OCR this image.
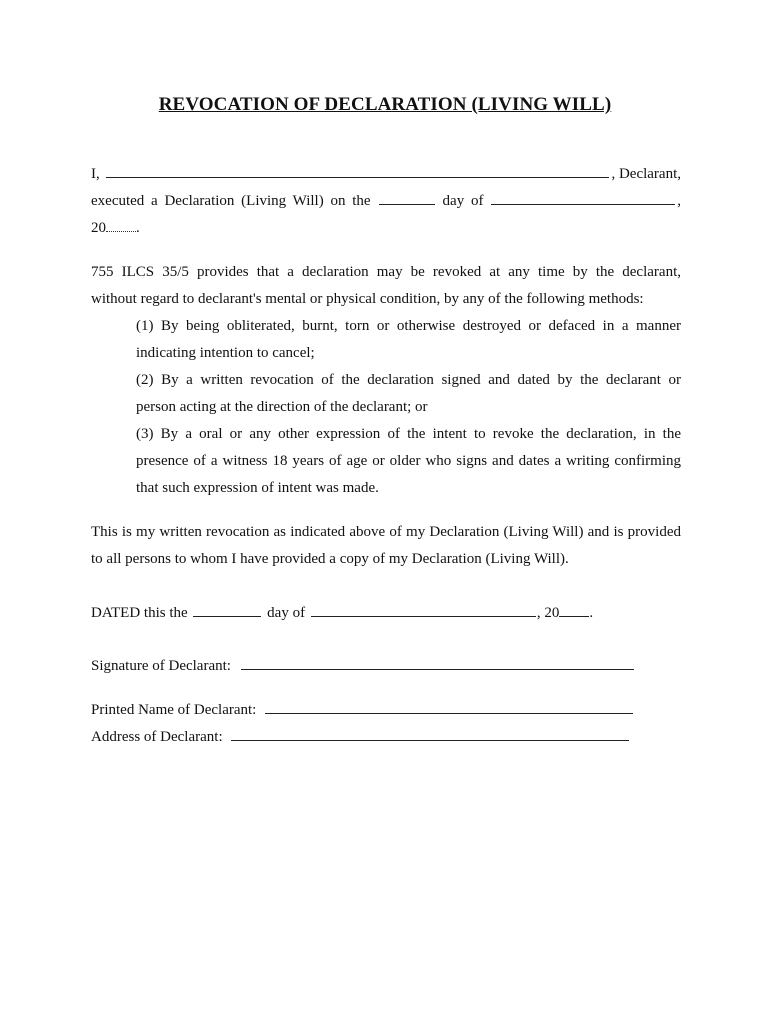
REVOCATION OF DECLARATION (LIVING WILL)
I,	, Declarant,
executed a Declaration (Living Will) on the	day of	,
20 .
755 ILCS 35/5 provides that a declaration may be revoked at any time by the declarant,
without regard to declarant's mental or physical condition, by any of the following methods:
(1) By being obliterated, burnt, torn or otherwise destroyed or defaced in a manner
indicating intention to cancel;
(2) By a written revocation of the declaration signed and dated by the declarant or
person acting at the direction of the declarant; or
(3) By a oral or any other expression of the intent to revoke the declaration, in the
presence of a witness 18 years of age or older who signs and dates a writing confirming
that such expression of intent was made.
This is my written revocation as indicated above of my Declaration (Living Will) and is provided
to all persons to whom I have provided a copy of my Declaration (Living Will).
DATED this the	day of	, 20 .
Signature of Declarant:
Printed Name of Declarant:
Address of Declarant:
